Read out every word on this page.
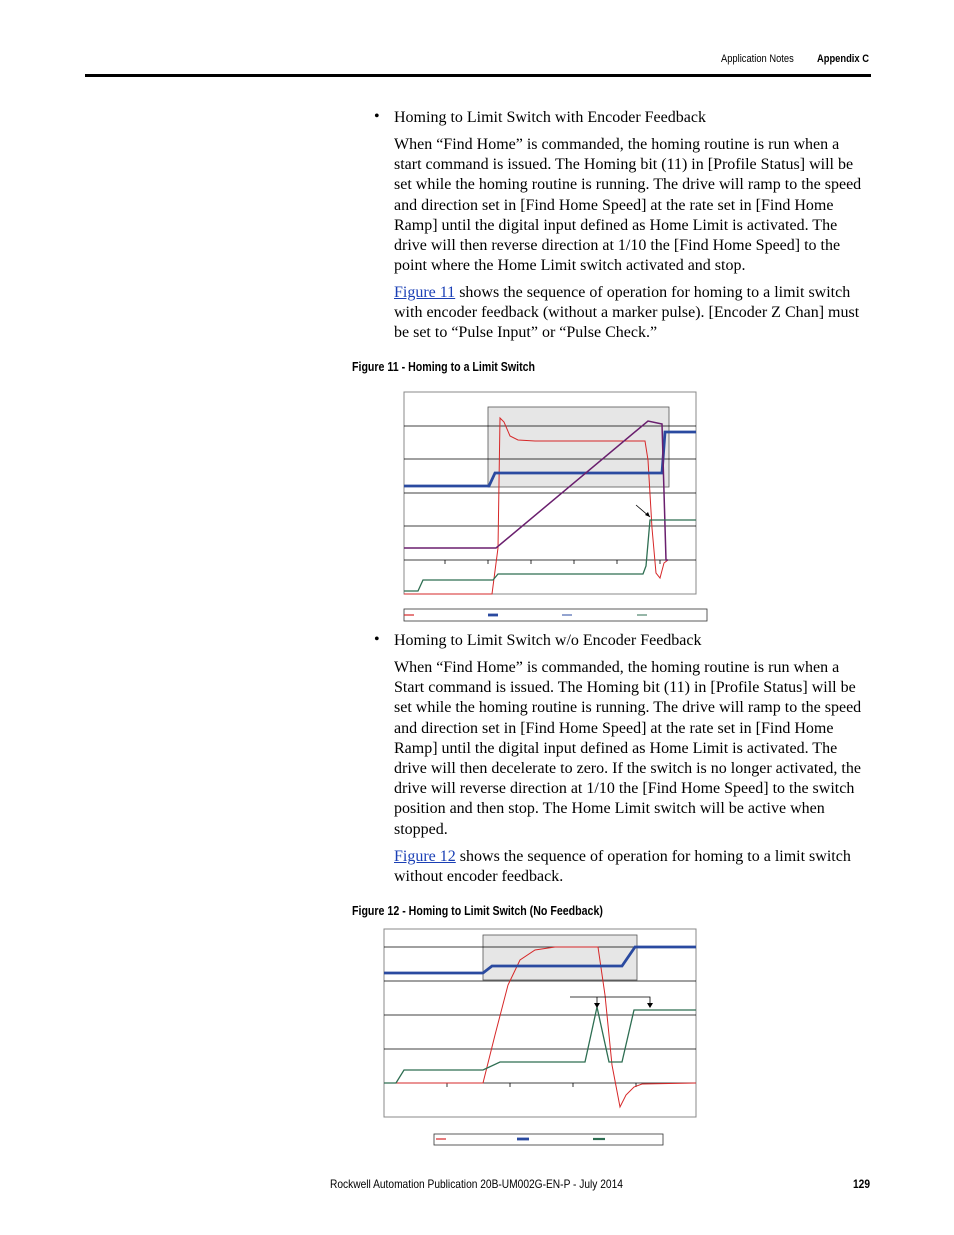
Application Notes Appendix C
• Homing to Limit Switch with Encoder Feedback

When “Find Home” is commanded, the homing routine is run when a start command is issued. The Homing bit (11) in [Profile Status] will be set while the homing routine is running. The drive will ramp to the speed and direction set in [Find Home Speed] at the rate set in [Find Home Ramp] until the digital input defined as Home Limit is activated. The drive will then reverse direction at 1/10 the [Find Home Speed] to the point where the Home Limit switch activated and stop.

Figure 11 shows the sequence of operation for homing to a limit switch with encoder feedback (without a marker pulse). [Encoder Z Chan] must be set to “Pulse Input” or “Pulse Check.”

Figure 11 - Homing to a Limit Switch
• Homing to Limit Switch w/o Encoder Feedback

When “Find Home” is commanded, the homing routine is run when a Start command is issued. The Homing bit (11) in [Profile Status] will be set while the homing routine is running. The drive will ramp to the speed and direction set in [Find Home Speed] at the rate set in [Find Home Ramp] until the digital input defined as Home Limit is activated. The drive will then decelerate to zero. If the switch is no longer activated, the drive will reverse direction at 1/10 the [Find Home Speed] to the switch position and then stop. The Home Limit switch will be active when stopped.

Figure 12 shows the sequence of operation for homing to a limit switch without encoder feedback.

Figure 12 - Homing to Limit Switch (No Feedback)
Rockwell Automation Publication 20B-UM002G-EN-P - July 2014	129
